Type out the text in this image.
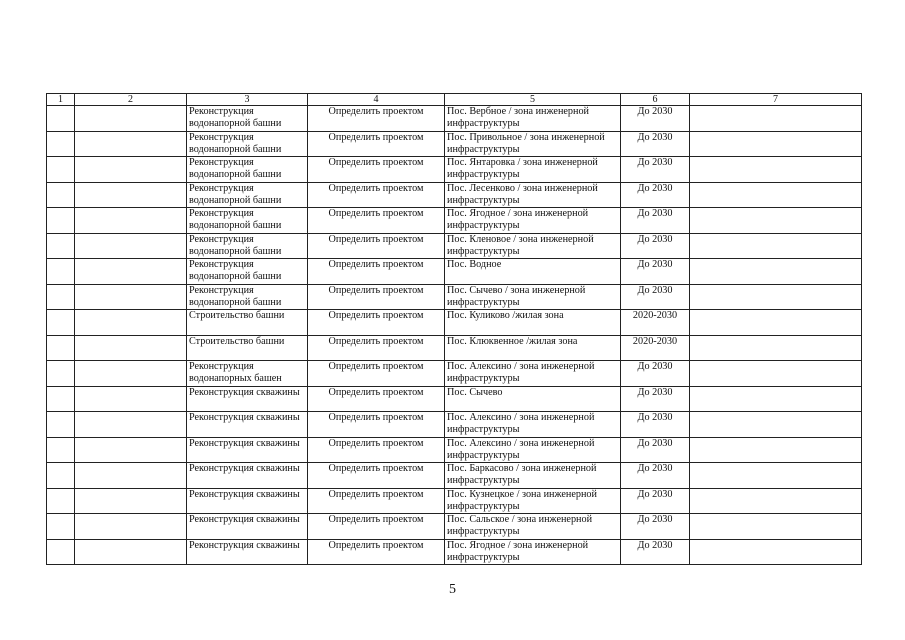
1	2	3	4	5	6	7
		Реконструкция водонапорной башни	Определить проектом	Пос. Вербное / зона инженерной инфраструктуры	До 2030	
		Реконструкция водонапорной башни	Определить проектом	Пос. Привольное / зона инженерной инфраструктуры	До 2030	
		Реконструкция водонапорной башни	Определить проектом	Пос. Янтаровка / зона инженерной инфраструктуры	До 2030	
		Реконструкция водонапорной башни	Определить проектом	Пос. Лесенково / зона инженерной инфраструктуры	До 2030	
		Реконструкция водонапорной башни	Определить проектом	Пос. Ягодное / зона инженерной инфраструктуры	До 2030	
		Реконструкция водонапорной башни	Определить проектом	Пос. Кленовое / зона инженерной инфраструктуры	До 2030	
		Реконструкция водонапорной башни	Определить проектом	Пос. Водное	До 2030	
		Реконструкция водонапорной башни	Определить проектом	Пос. Сычево / зона инженерной инфраструктуры	До 2030	
		Строительство башни	Определить проектом	Пос. Куликово /жилая зона	2020-2030	
		Строительство башни	Определить проектом	Пос. Клюквенное /жилая зона	2020-2030	
		Реконструкция водонапорных башен	Определить проектом	Пос. Алексино / зона инженерной инфраструктуры	До 2030	
		Реконструкция скважины	Определить проектом	Пос. Сычево	До 2030	
		Реконструкция скважины	Определить проектом	Пос. Алексино / зона инженерной инфраструктуры	До 2030	
		Реконструкция скважины	Определить проектом	Пос. Алексино / зона инженерной инфраструктуры	До 2030	
		Реконструкция скважины	Определить проектом	Пос. Баркасово / зона инженерной инфраструктуры	До 2030	
		Реконструкция скважины	Определить проектом	Пос. Кузнецкое / зона инженерной инфраструктуры	До 2030	
		Реконструкция скважины	Определить проектом	Пос. Сальское / зона инженерной инфраструктуры	До 2030	
		Реконструкция скважины	Определить проектом	Пос. Ягодное / зона инженерной инфраструктуры	До 2030	
5
